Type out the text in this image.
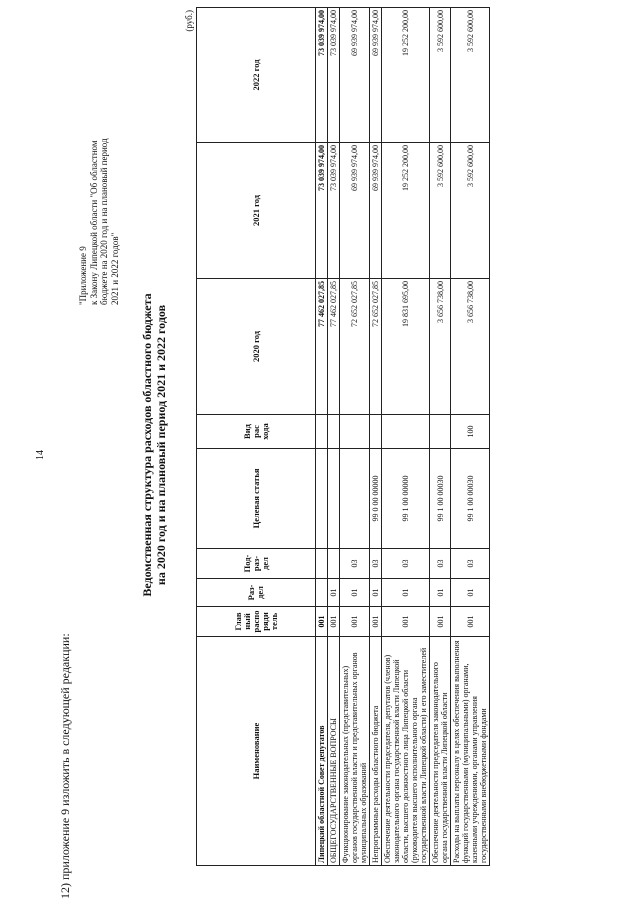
14
12) приложение 9 изложить в следующей редакции:
"Приложение 9 к Закону Липецкой области "Об областном бюджете на 2020 год и на плановый период 2021 и 2022 годов"
Ведомственная структура расходов областного бюджета на 2020 год и на плановый период 2021 и 2022 годов
(руб.)
Наименование	Глав ный распо ряди тель	Раз- дел	Под- раз- дел	Целевая статья	Вид рас хода	2020 год	2021 год	2022 год
Липецкий областной Совет депутатов	001					77 462 027,85	73 039 974,00	73 039 974,00
ОБЩЕГОСУДАРСТВЕННЫЕ ВОПРОСЫ	001	01				77 462 027,85	73 039 974,00	73 039 974,00
Функционирование законодательных (представительных) органов государственной власти и представительных органов муниципальных образований	001	01	03			72 652 027,85	69 939 974,00	69 939 974,00
Непрограммные расходы областного бюджета	001	01	03	99 0 00 00000		72 652 027,85	69 939 974,00	69 939 974,00
Обеспечение деятельности председателя, депутатов (членов) законодательного органа государственной власти Липецкой области, высшего должностного лица Липецкой области (руководителя высшего исполнительного органа государственной власти Липецкой области) и его заместителей	001	01	03	99 1 00 00000		19 831 695,00	19 252 200,00	19 252 200,00
Обеспечение деятельности председателя законодательного органа государственной власти Липецкой области	001	01	03	99 1 00 00030		3 656 738,00	3 592 600,00	3 592 600,00
Расходы на выплаты персоналу в целях обеспечения выполнения функций государственными (муниципальными) органами, казенными учреждениями, органами управления государственными внебюджетными фондами	001	01	03	99 1 00 00030	100	3 656 738,00	3 592 600,00	3 592 600,00
